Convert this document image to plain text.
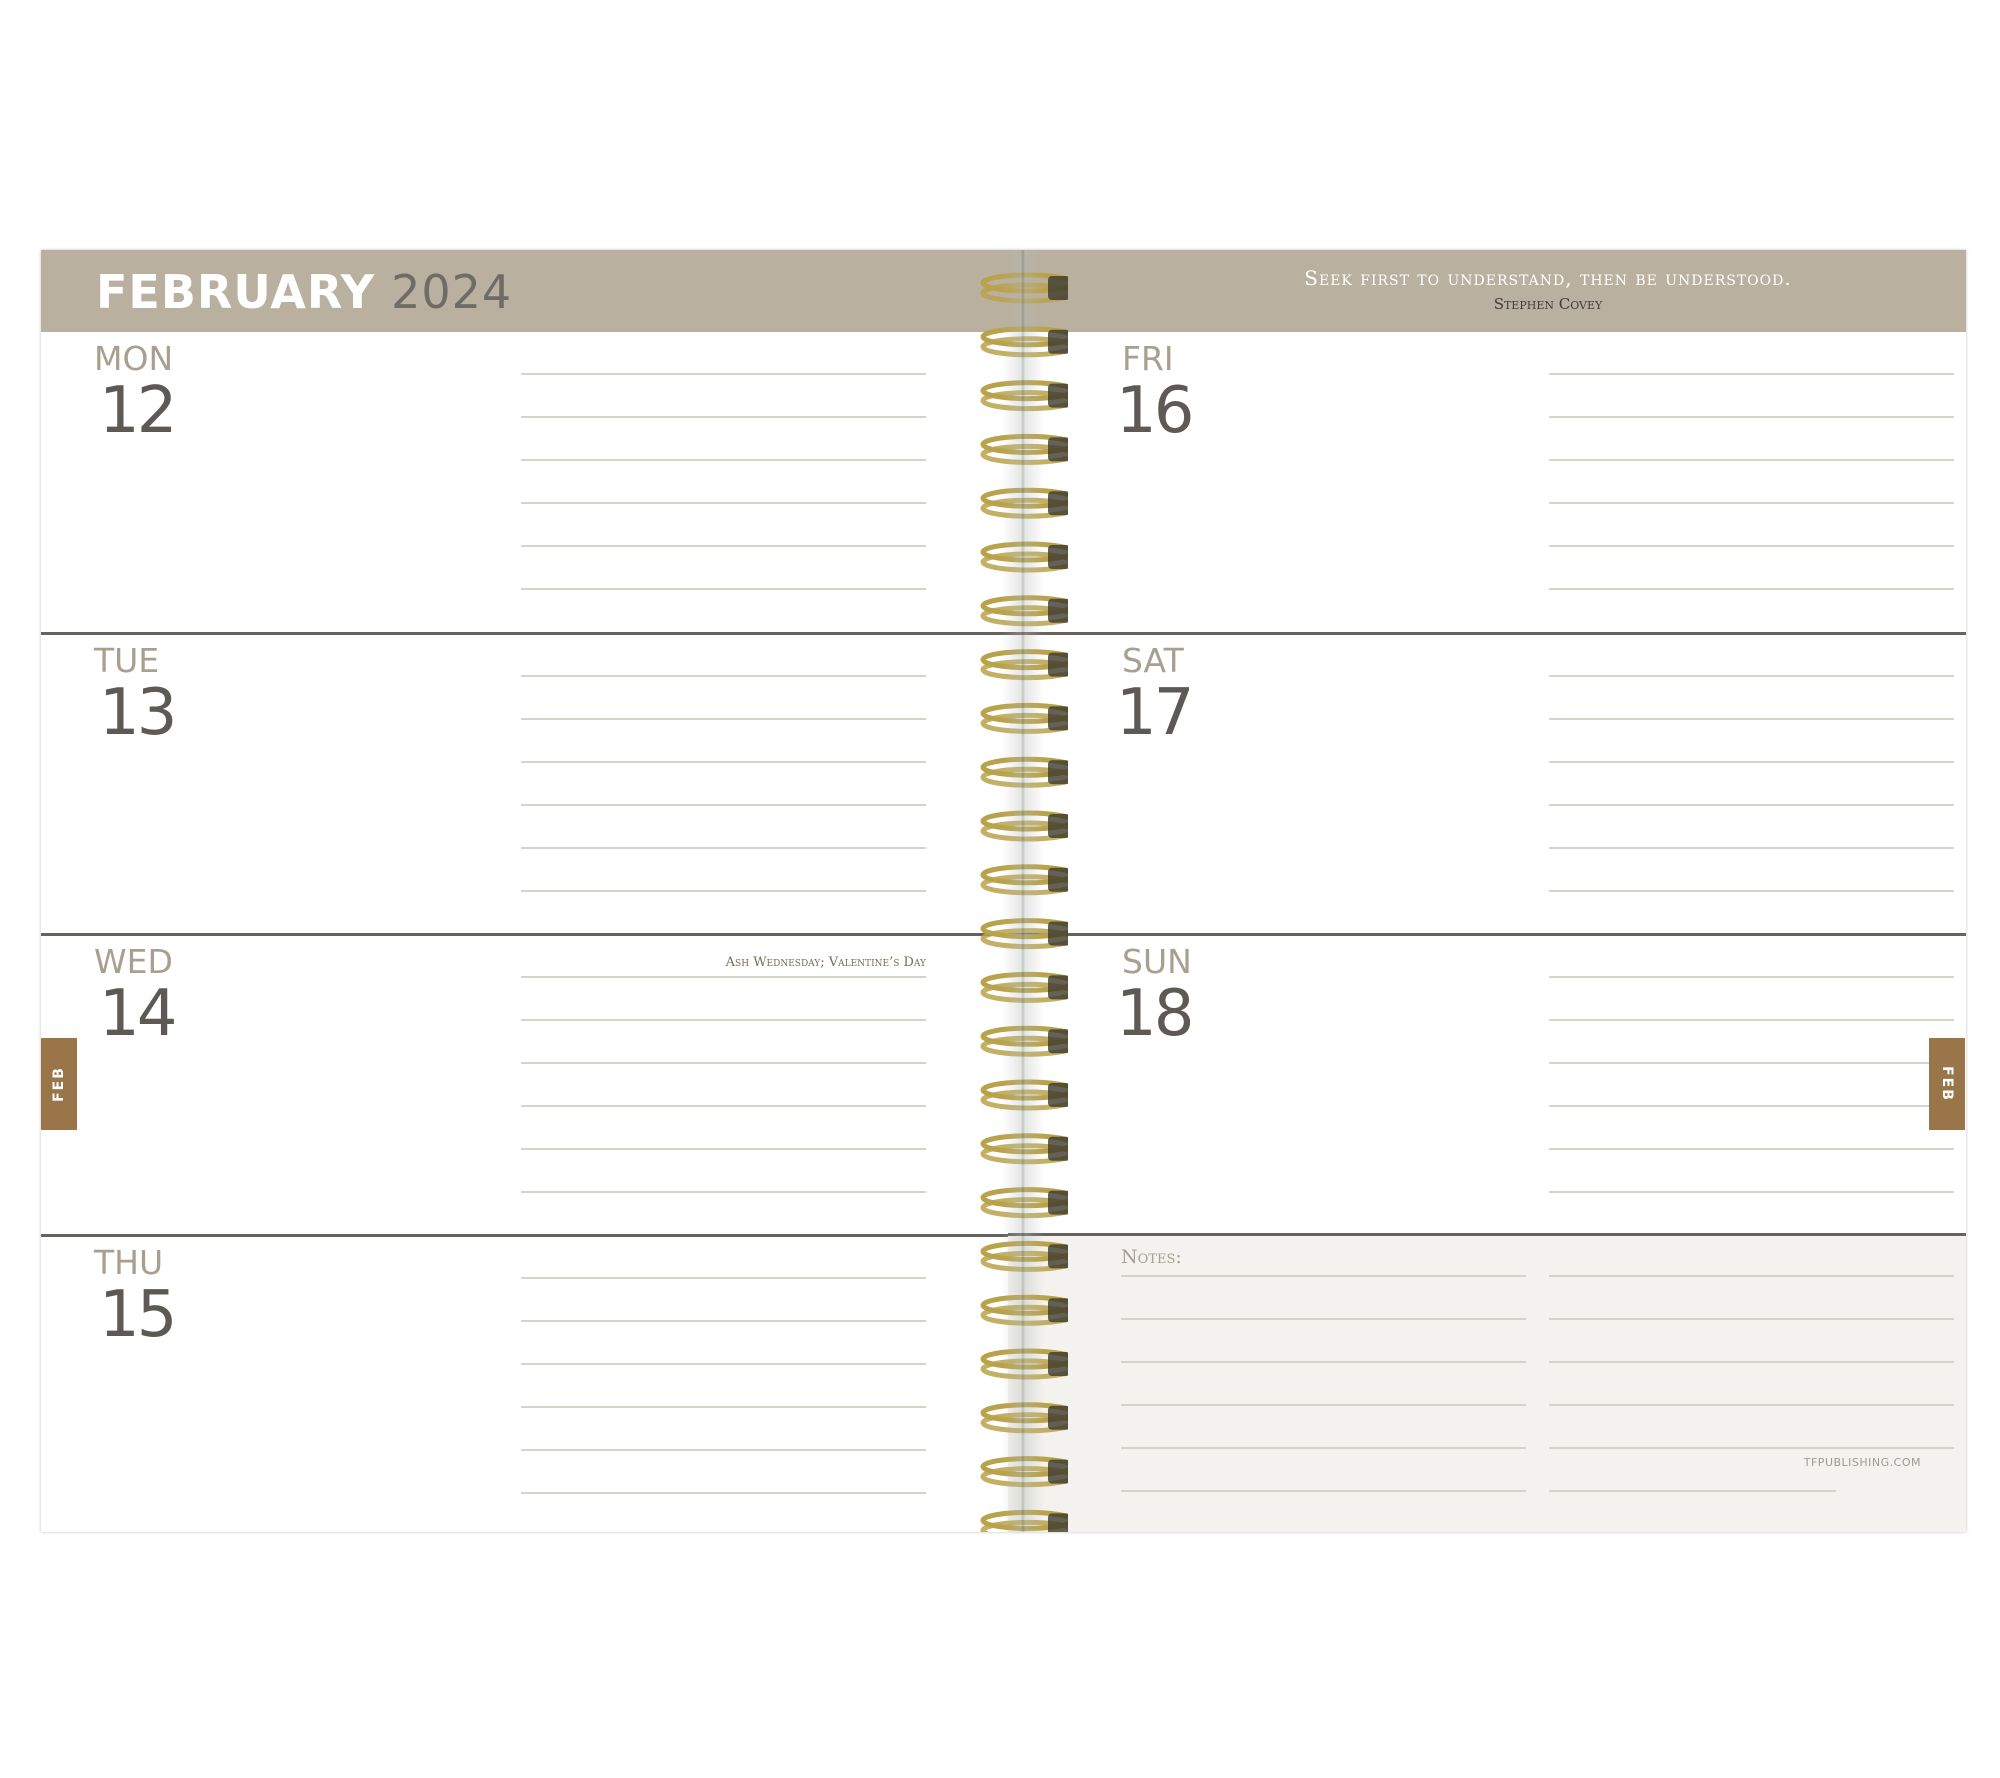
FEBRUARY 2024
MON
12
TUE
13
WED
14
Ash Wednesday; Valentine’s Day
THU
15
Seek first to understand, then be understood.
Stephen Covey
FRI
16
SAT
17
SUN
18
Notes:
TFPUBLISHING.COM
FEB	FEB
